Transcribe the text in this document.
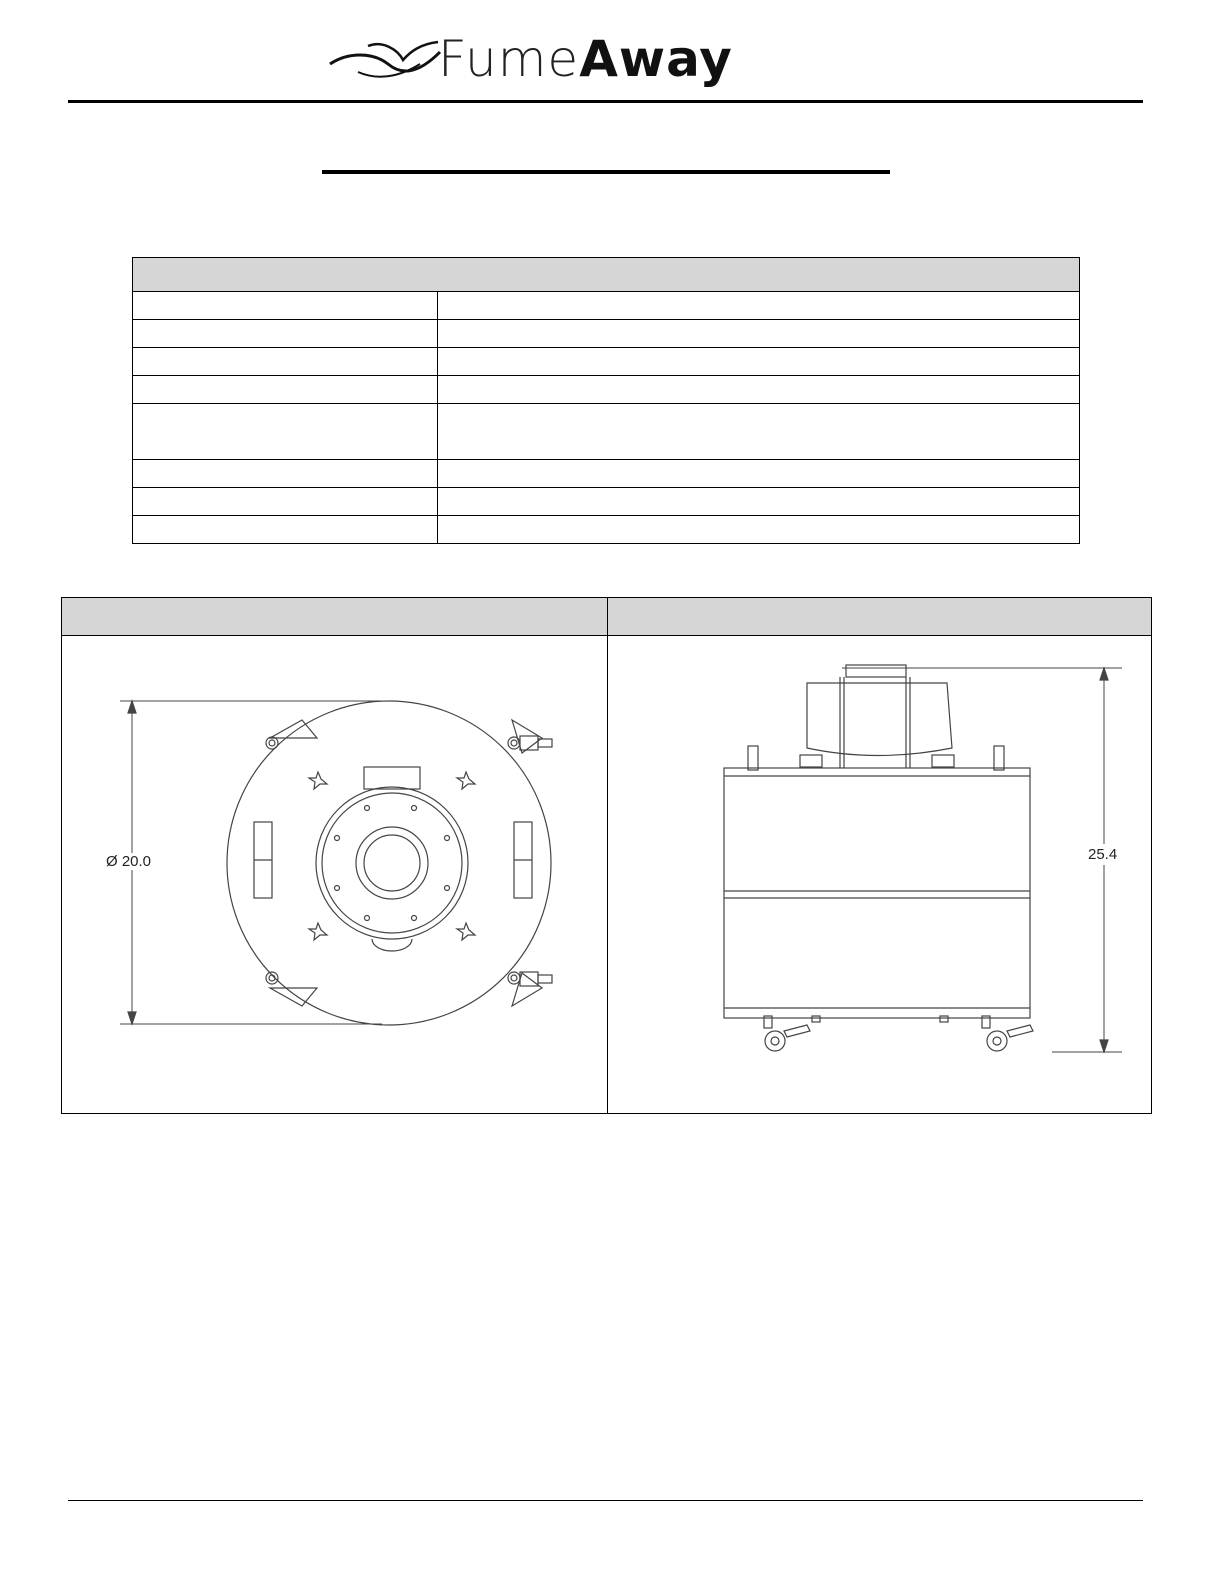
FumeAway

Ø 20.0	25.4
